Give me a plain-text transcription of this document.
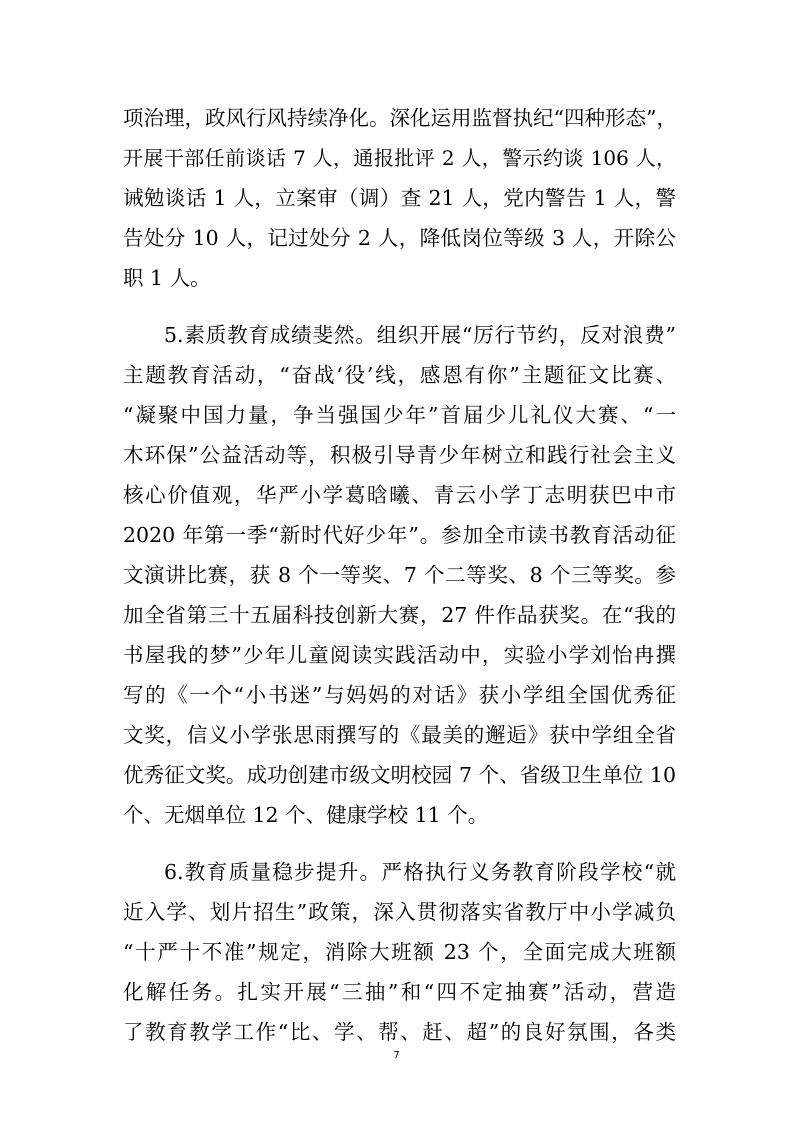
项治理，政风行风持续净化。深化运用监督执纪“四种形态”，
开展干部任前谈话 7 人，通报批评 2 人，警示约谈 106 人，
诫勉谈话 1 人，立案审（调）查 21 人，党内警告 1 人，警
告处分 10 人，记过处分 2 人，降低岗位等级 3 人，开除公
职 1 人。
5.素质教育成绩斐然。组织开展“厉行节约，反对浪费”
主题教育活动，“奋战‘役’线，感恩有你”主题征文比赛、
“凝聚中国力量，争当强国少年”首届少儿礼仪大赛、“一
木环保”公益活动等，积极引导青少年树立和践行社会主义
核心价值观，华严小学葛晗曦、青云小学丁志明获巴中市
2020 年第一季“新时代好少年”。参加全市读书教育活动征
文演讲比赛，获 8 个一等奖、7 个二等奖、8 个三等奖。参
加全省第三十五届科技创新大赛，27 件作品获奖。在“我的
书屋我的梦”少年儿童阅读实践活动中，实验小学刘怡冉撰
写的《一个“小书迷”与妈妈的对话》获小学组全国优秀征
文奖，信义小学张思雨撰写的《最美的邂逅》获中学组全省
优秀征文奖。成功创建市级文明校园 7 个、省级卫生单位 10
个、无烟单位 12 个、健康学校 11 个。
6.教育质量稳步提升。严格执行义务教育阶段学校“就
近入学、划片招生”政策，深入贯彻落实省教厅中小学减负
“十严十不准”规定，消除大班额 23 个，全面完成大班额
化解任务。扎实开展“三抽”和“四不定抽赛”活动，营造
了教育教学工作“比、学、帮、赶、超”的良好氛围，各类
7
